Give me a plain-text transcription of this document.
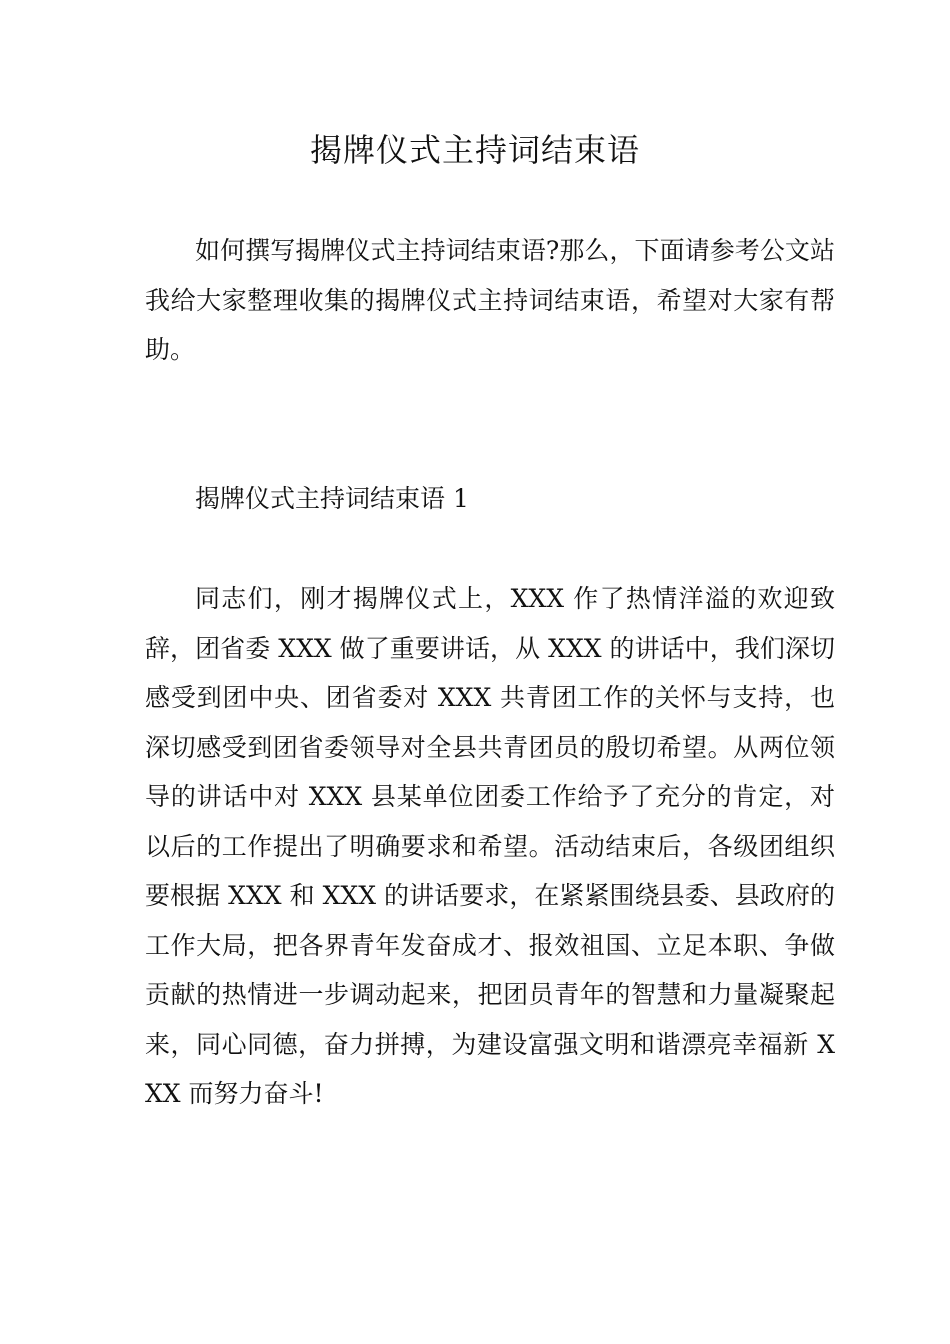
揭牌仪式主持词结束语

如何撰写揭牌仪式主持词结束语?那么，下面请参考公文站我给大家整理收集的揭牌仪式主持词结束语，希望对大家有帮助。

揭牌仪式主持词结束语 1

同志们，刚才揭牌仪式上，XXX 作了热情洋溢的欢迎致辞，团省委 XXX 做了重要讲话，从 XXX 的讲话中，我们深切感受到团中央、团省委对 XXX 共青团工作的关怀与支持，也深切感受到团省委领导对全县共青团员的殷切希望。从两位领导的讲话中对 XXX 县某单位团委工作给予了充分的肯定，对以后的工作提出了明确要求和希望。活动结束后，各级团组织要根据 XXX 和 XXX 的讲话要求，在紧紧围绕县委、县政府的工作大局，把各界青年发奋成才、报效祖国、立足本职、争做贡献的热情进一步调动起来，把团员青年的智慧和力量凝聚起来，同心同德，奋力拼搏，为建设富强文明和谐漂亮幸福新 XXX 而努力奋斗!
